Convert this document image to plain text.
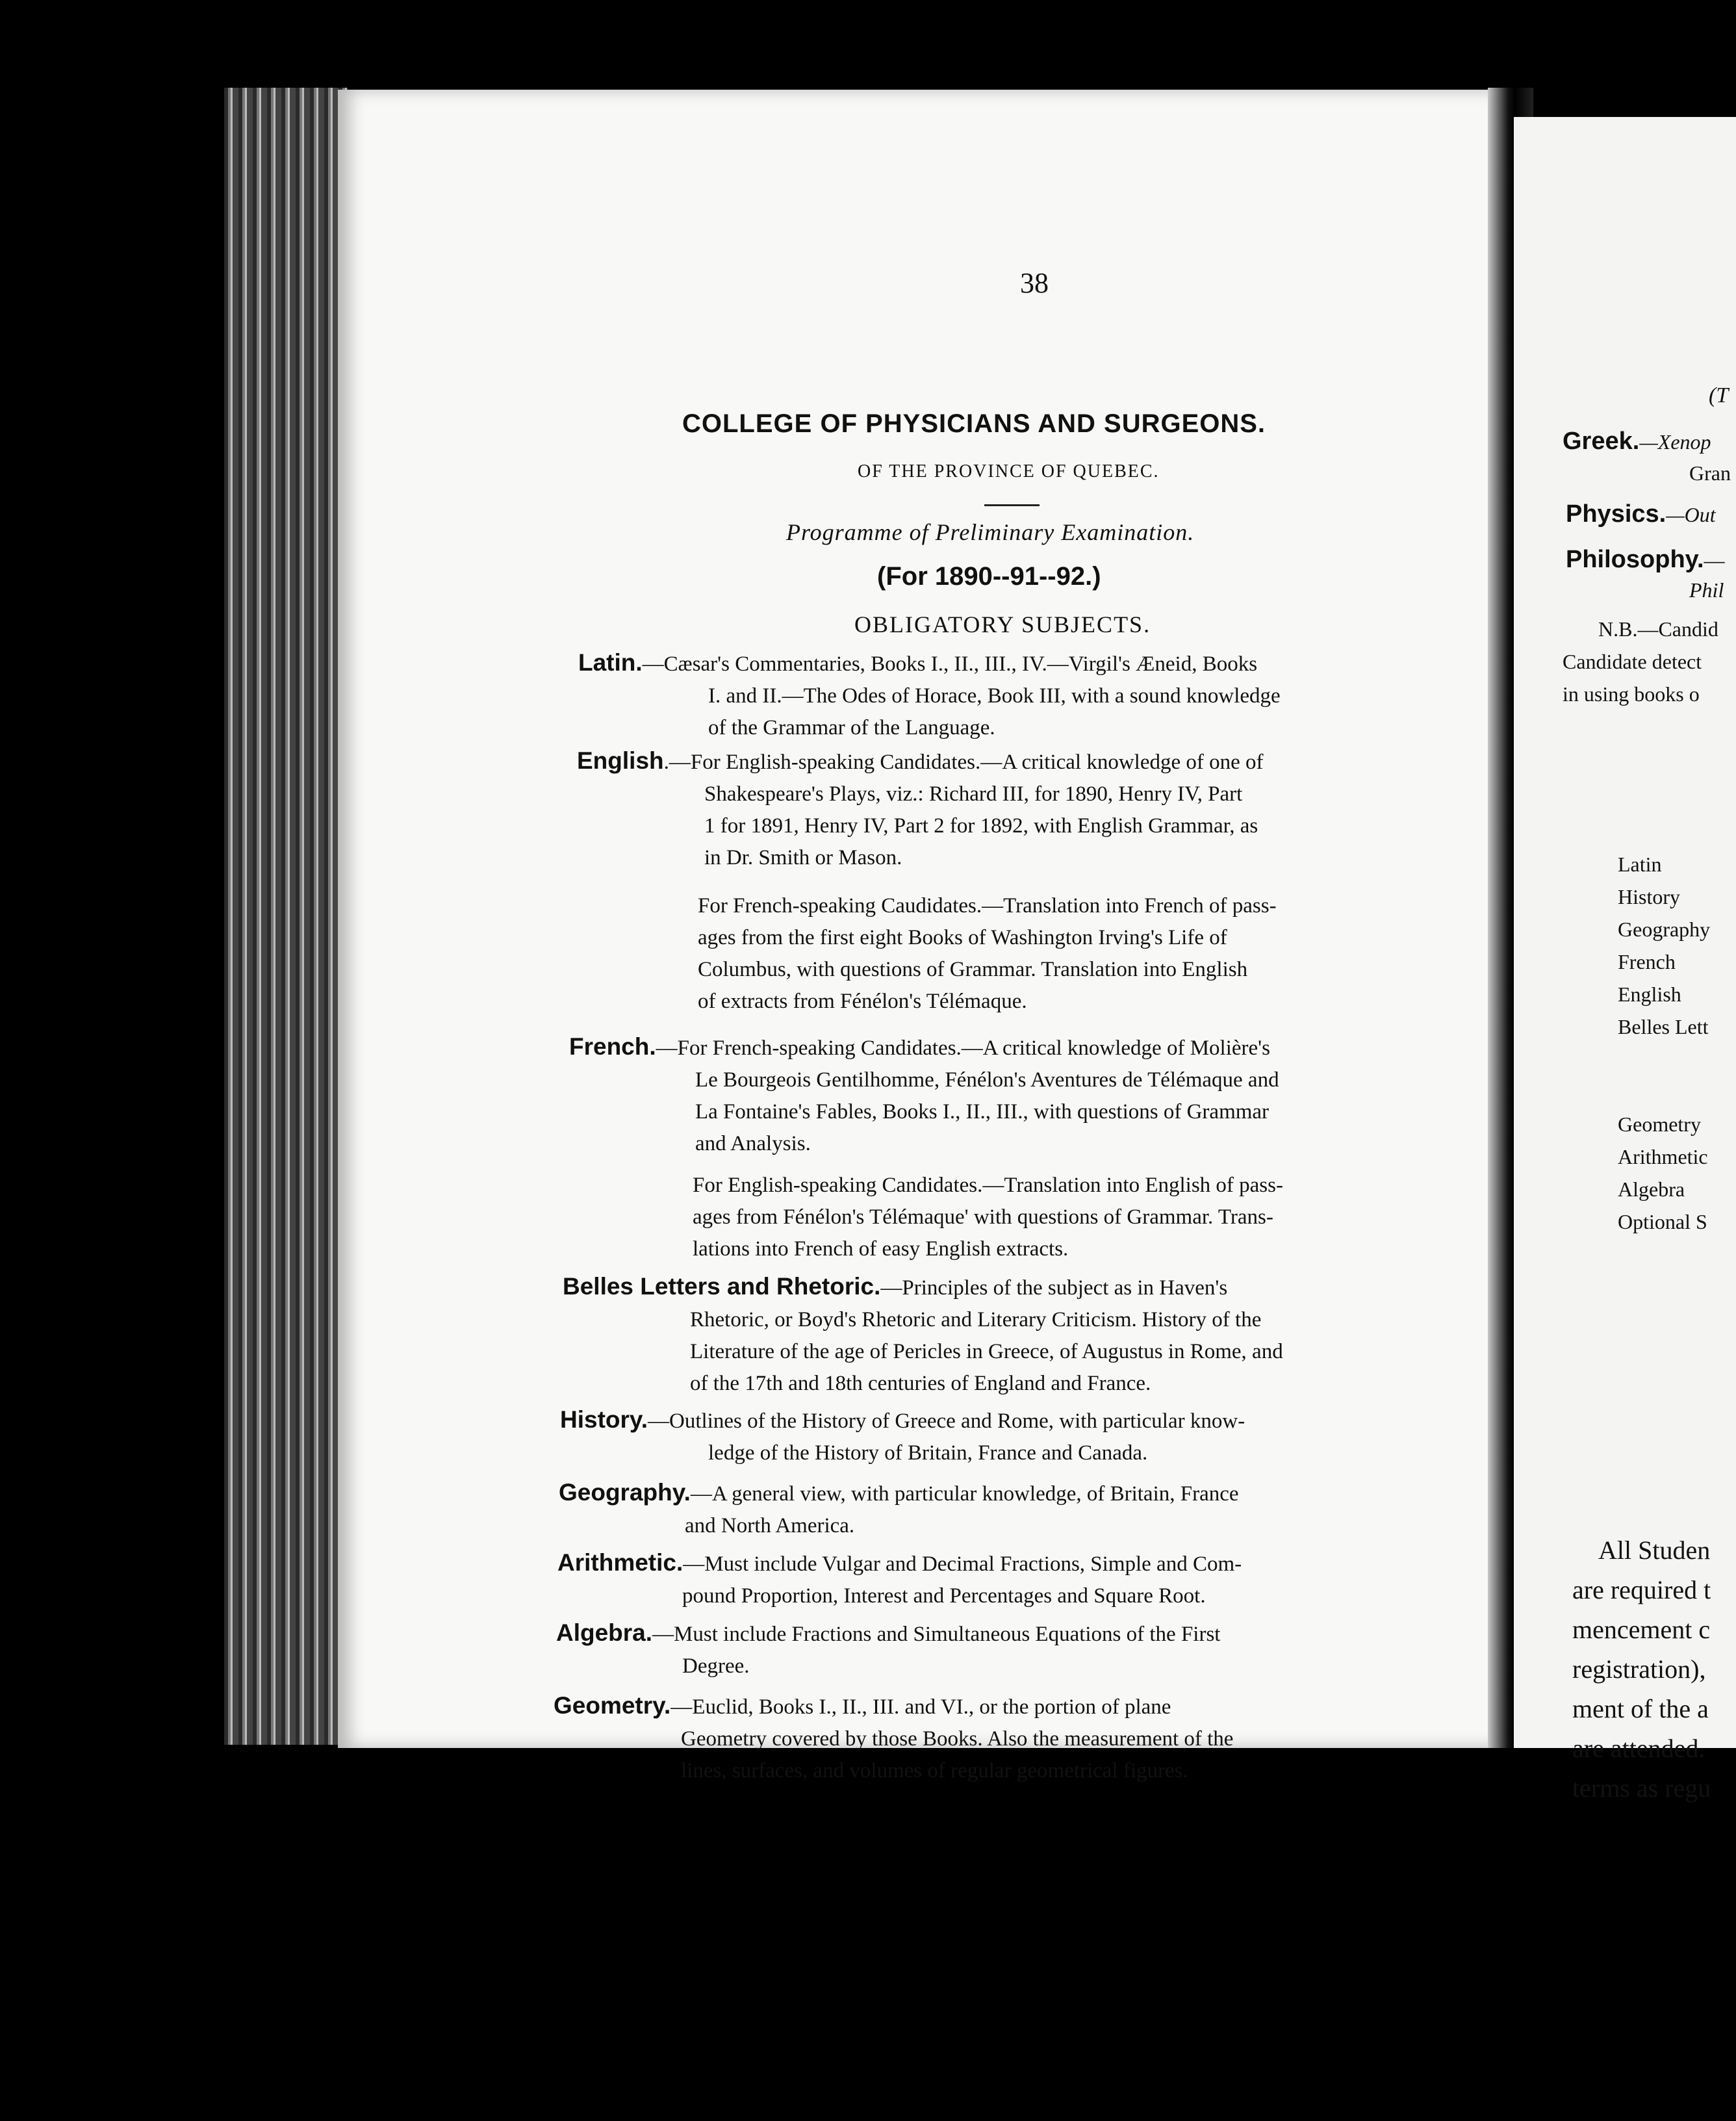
38
COLLEGE OF PHYSICIANS AND SURGEONS.
OF THE PROVINCE OF QUEBEC.
Programme of Preliminary Examination.
(For 1890--91--92.)
OBLIGATORY SUBJECTS.
Latin.—Cæsar's Commentaries, Books I., II., III., IV.—Virgil's Æneid, Books
I. and II.—The Odes of Horace, Book III, with a sound knowledge
of the Grammar of the Language.
English.—For English-speaking Candidates.—A critical knowledge of one of
Shakespeare's Plays, viz.: Richard III, for 1890, Henry IV, Part
1 for 1891, Henry IV, Part 2 for 1892, with English Grammar, as
in Dr. Smith or Mason.
For French-speaking Caudidates.—Translation into French of pass-
ages from the first eight Books of Washington Irving's Life of
Columbus, with questions of Grammar. Translation into English
of extracts from Fénélon's Télémaque.
French.—For French-speaking Candidates.—A critical knowledge of Molière's
Le Bourgeois Gentilhomme, Fénélon's Aventures de Télémaque and
La Fontaine's Fables, Books I., II., III., with questions of Grammar
and Analysis.
For English-speaking Candidates.—Translation into English of pass-
ages from Fénélon's Télémaque' with questions of Grammar. Trans-
lations into French of easy English extracts.
Belles Letters and Rhetoric.—Principles of the subject as in Haven's
Rhetoric, or Boyd's Rhetoric and Literary Criticism. History of the
Literature of the age of Pericles in Greece, of Augustus in Rome, and
of the 17th and 18th centuries of England and France.
History.—Outlines of the History of Greece and Rome, with particular know-
ledge of the History of Britain, France and Canada.
Geography.—A general view, with particular knowledge, of Britain, France
and North America.
Arithmetic.—Must include Vulgar and Decimal Fractions, Simple and Com-
pound Proportion, Interest and Percentages and Square Root.
Algebra.—Must include Fractions and Simultaneous Equations of the First
Degree.
Geometry.—Euclid, Books I., II., III. and VI., or the portion of plane
Geometry covered by those Books. Also the measurement of the
lines, surfaces, and volumes of regular geometrical figures.
(T
Greek.—Xenop
Gran
Physics.—Out
Philosophy.—
Phil
N.B.—Candid
Candidate detect
in using books o
Latin
History
Geography
French
English
Belles Lett
Geometry
Arithmetic
Algebra
Optional S
All Studen
are required t
mencement c
registration),
ment of the a
are attended.
terms as regu
